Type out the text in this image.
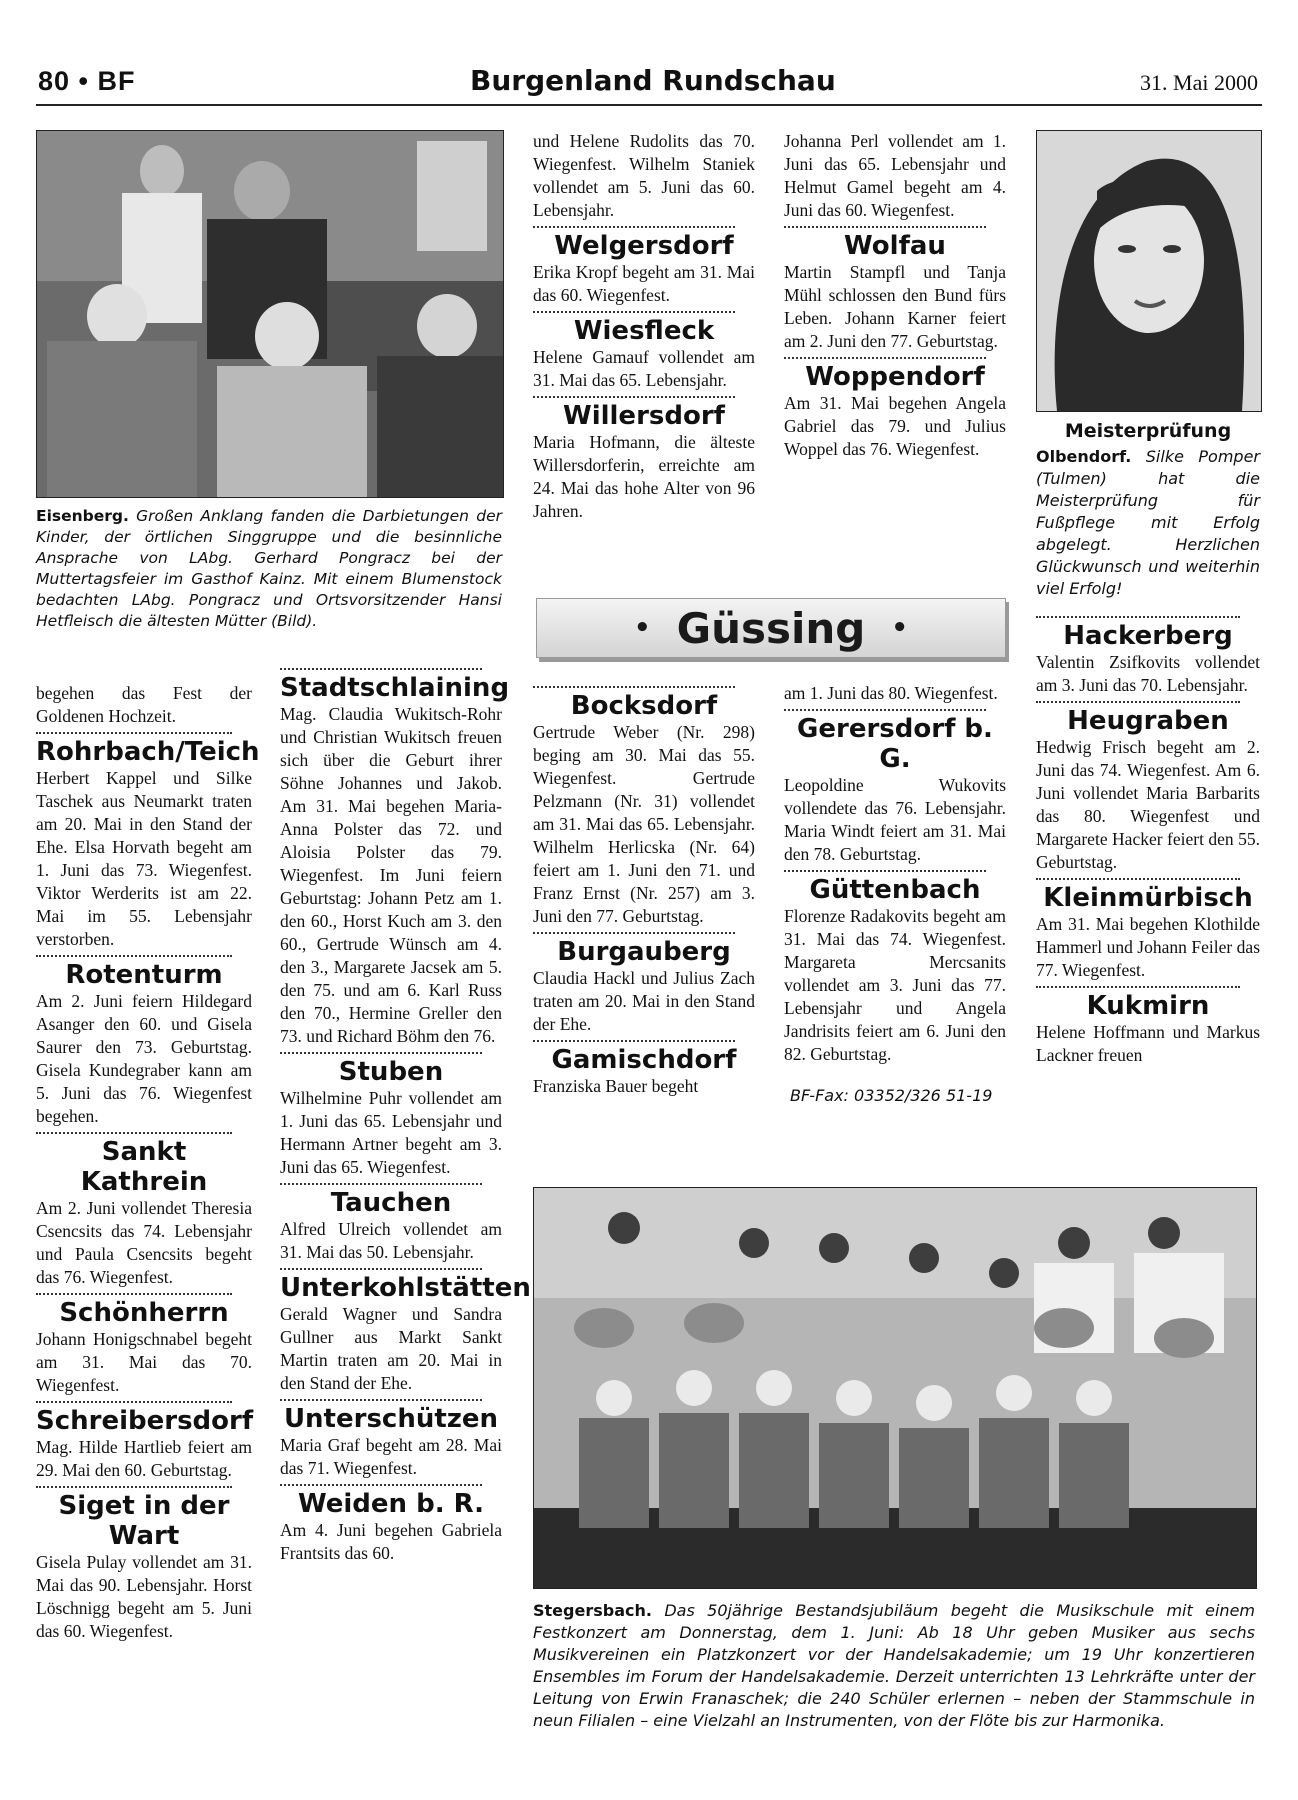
80 • BF	Burgenland Rundschau	31. Mai 2000
Eisenberg. Großen Anklang fanden die Darbietungen der Kinder, der örtlichen Singgruppe und die besinnliche Ansprache von LAbg. Gerhard Pongracz bei der Muttertagsfeier im Gasthof Kainz. Mit einem Blumenstock bedachten LAbg. Pongracz und Ortsvorsitzender Hansi Hetfleisch die ältesten Mütter (Bild).

begehen das Fest der Goldenen Hochzeit.

Rohrbach/Teich

Herbert Kappel und Silke Taschek aus Neumarkt traten am 20. Mai in den Stand der Ehe. Elsa Horvath begeht am 1. Juni das 73. Wiegenfest. Viktor Werderits ist am 22. Mai im 55. Lebensjahr verstorben.

Rotenturm

Am 2. Juni feiern Hildegard Asanger den 60. und Gisela Saurer den 73. Geburtstag. Gisela Kundegraber kann am 5. Juni das 76. Wiegenfest begehen.

Sankt Kathrein

Am 2. Juni vollendet Theresia Csencsits das 74. Lebensjahr und Paula Csencsits begeht das 76. Wiegenfest.

Schönherrn

Johann Honigschnabel begeht am 31. Mai das 70. Wiegenfest.

Schreibersdorf

Mag. Hilde Hartlieb feiert am 29. Mai den 60. Geburtstag.

Siget in der Wart

Gisela Pulay vollendet am 31. Mai das 90. Lebensjahr. Horst Löschnigg begeht am 5. Juni das 60. Wiegenfest.

Stadtschlaining

Mag. Claudia Wukitsch-Rohr und Christian Wukitsch freuen sich über die Geburt ihrer Söhne Johannes und Jakob. Am 31. Mai begehen Maria-Anna Polster das 72. und Aloisia Polster das 79. Wiegenfest. Im Juni feiern Geburtstag: Johann Petz am 1. den 60., Horst Kuch am 3. den 60., Gertrude Wünsch am 4. den 3., Margarete Jacsek am 5. den 75. und am 6. Karl Russ den 70., Hermine Greller den 73. und Richard Böhm den 76.

Stuben

Wilhelmine Puhr vollendet am 1. Juni das 65. Lebensjahr und Hermann Artner begeht am 3. Juni das 65. Wiegenfest.

Tauchen

Alfred Ulreich vollendet am 31. Mai das 50. Lebensjahr.

Unterkohlstätten

Gerald Wagner und Sandra Gullner aus Markt Sankt Martin traten am 20. Mai in den Stand der Ehe.

Unterschützen

Maria Graf begeht am 28. Mai das 71. Wiegenfest.

Weiden b. R.

Am 4. Juni begehen Gabriela Frantsits das 60.

und Helene Rudolits das 70. Wiegenfest. Wilhelm Staniek vollendet am 5. Juni das 60. Lebensjahr.

Welgersdorf

Erika Kropf begeht am 31. Mai das 60. Wiegenfest.

Wiesfleck

Helene Gamauf vollendet am 31. Mai das 65. Lebensjahr.

Willersdorf

Maria Hofmann, die älteste Willersdorferin, erreichte am 24. Mai das hohe Alter von 96 Jahren.

Johanna Perl vollendet am 1. Juni das 65. Lebensjahr und Helmut Gamel begeht am 4. Juni das 60. Wiegenfest.

Wolfau

Martin Stampfl und Tanja Mühl schlossen den Bund fürs Leben. Johann Karner feiert am 2. Juni den 77. Geburtstag.

Woppendorf

Am 31. Mai begehen Angela Gabriel das 79. und Julius Woppel das 76. Wiegenfest.

• Güssing •

Bocksdorf

Gertrude Weber (Nr. 298) beging am 30. Mai das 55. Wiegenfest. Gertrude Pelzmann (Nr. 31) vollendet am 31. Mai das 65. Lebensjahr. Wilhelm Herlicska (Nr. 64) feiert am 1. Juni den 71. und Franz Ernst (Nr. 257) am 3. Juni den 77. Geburtstag.

Burgauberg

Claudia Hackl und Julius Zach traten am 20. Mai in den Stand der Ehe.

Gamischdorf

Franziska Bauer begeht

am 1. Juni das 80. Wiegenfest.

Gerersdorf b. G.

Leopoldine Wukovits vollendete das 76. Lebensjahr. Maria Windt feiert am 31. Mai den 78. Geburtstag.

Güttenbach

Florenze Radakovits begeht am 31. Mai das 74. Wiegenfest. Margareta Mercsanits vollendet am 3. Juni das 77. Lebensjahr und Angela Jandrisits feiert am 6. Juni den 82. Geburtstag.

BF-Fax: 03352/326 51-19

Meisterprüfung

Olbendorf. Silke Pomper (Tulmen) hat die Meisterprüfung für Fußpflege mit Erfolg abgelegt. Herzlichen Glückwunsch und weiterhin viel Erfolg!

Hackerberg

Valentin Zsifkovits vollendet am 3. Juni das 70. Lebensjahr.

Heugraben

Hedwig Frisch begeht am 2. Juni das 74. Wiegenfest. Am 6. Juni vollendet Maria Barbarits das 80. Wiegenfest und Margarete Hacker feiert den 55. Geburtstag.

Kleinmürbisch

Am 31. Mai begehen Klothilde Hammerl und Johann Feiler das 77. Wiegenfest.

Kukmirn

Helene Hoffmann und Markus Lackner freuen

Stegersbach. Das 50jährige Bestandsjubiläum begeht die Musikschule mit einem Festkonzert am Donnerstag, dem 1. Juni: Ab 18 Uhr geben Musiker aus sechs Musikvereinen ein Platzkonzert vor der Handelsakademie; um 19 Uhr konzertieren Ensembles im Forum der Handelsakademie. Derzeit unterrichten 13 Lehrkräfte unter der Leitung von Erwin Franaschek; die 240 Schüler erlernen – neben der Stammschule in neun Filialen – eine Vielzahl an Instrumenten, von der Flöte bis zur Harmonika.
